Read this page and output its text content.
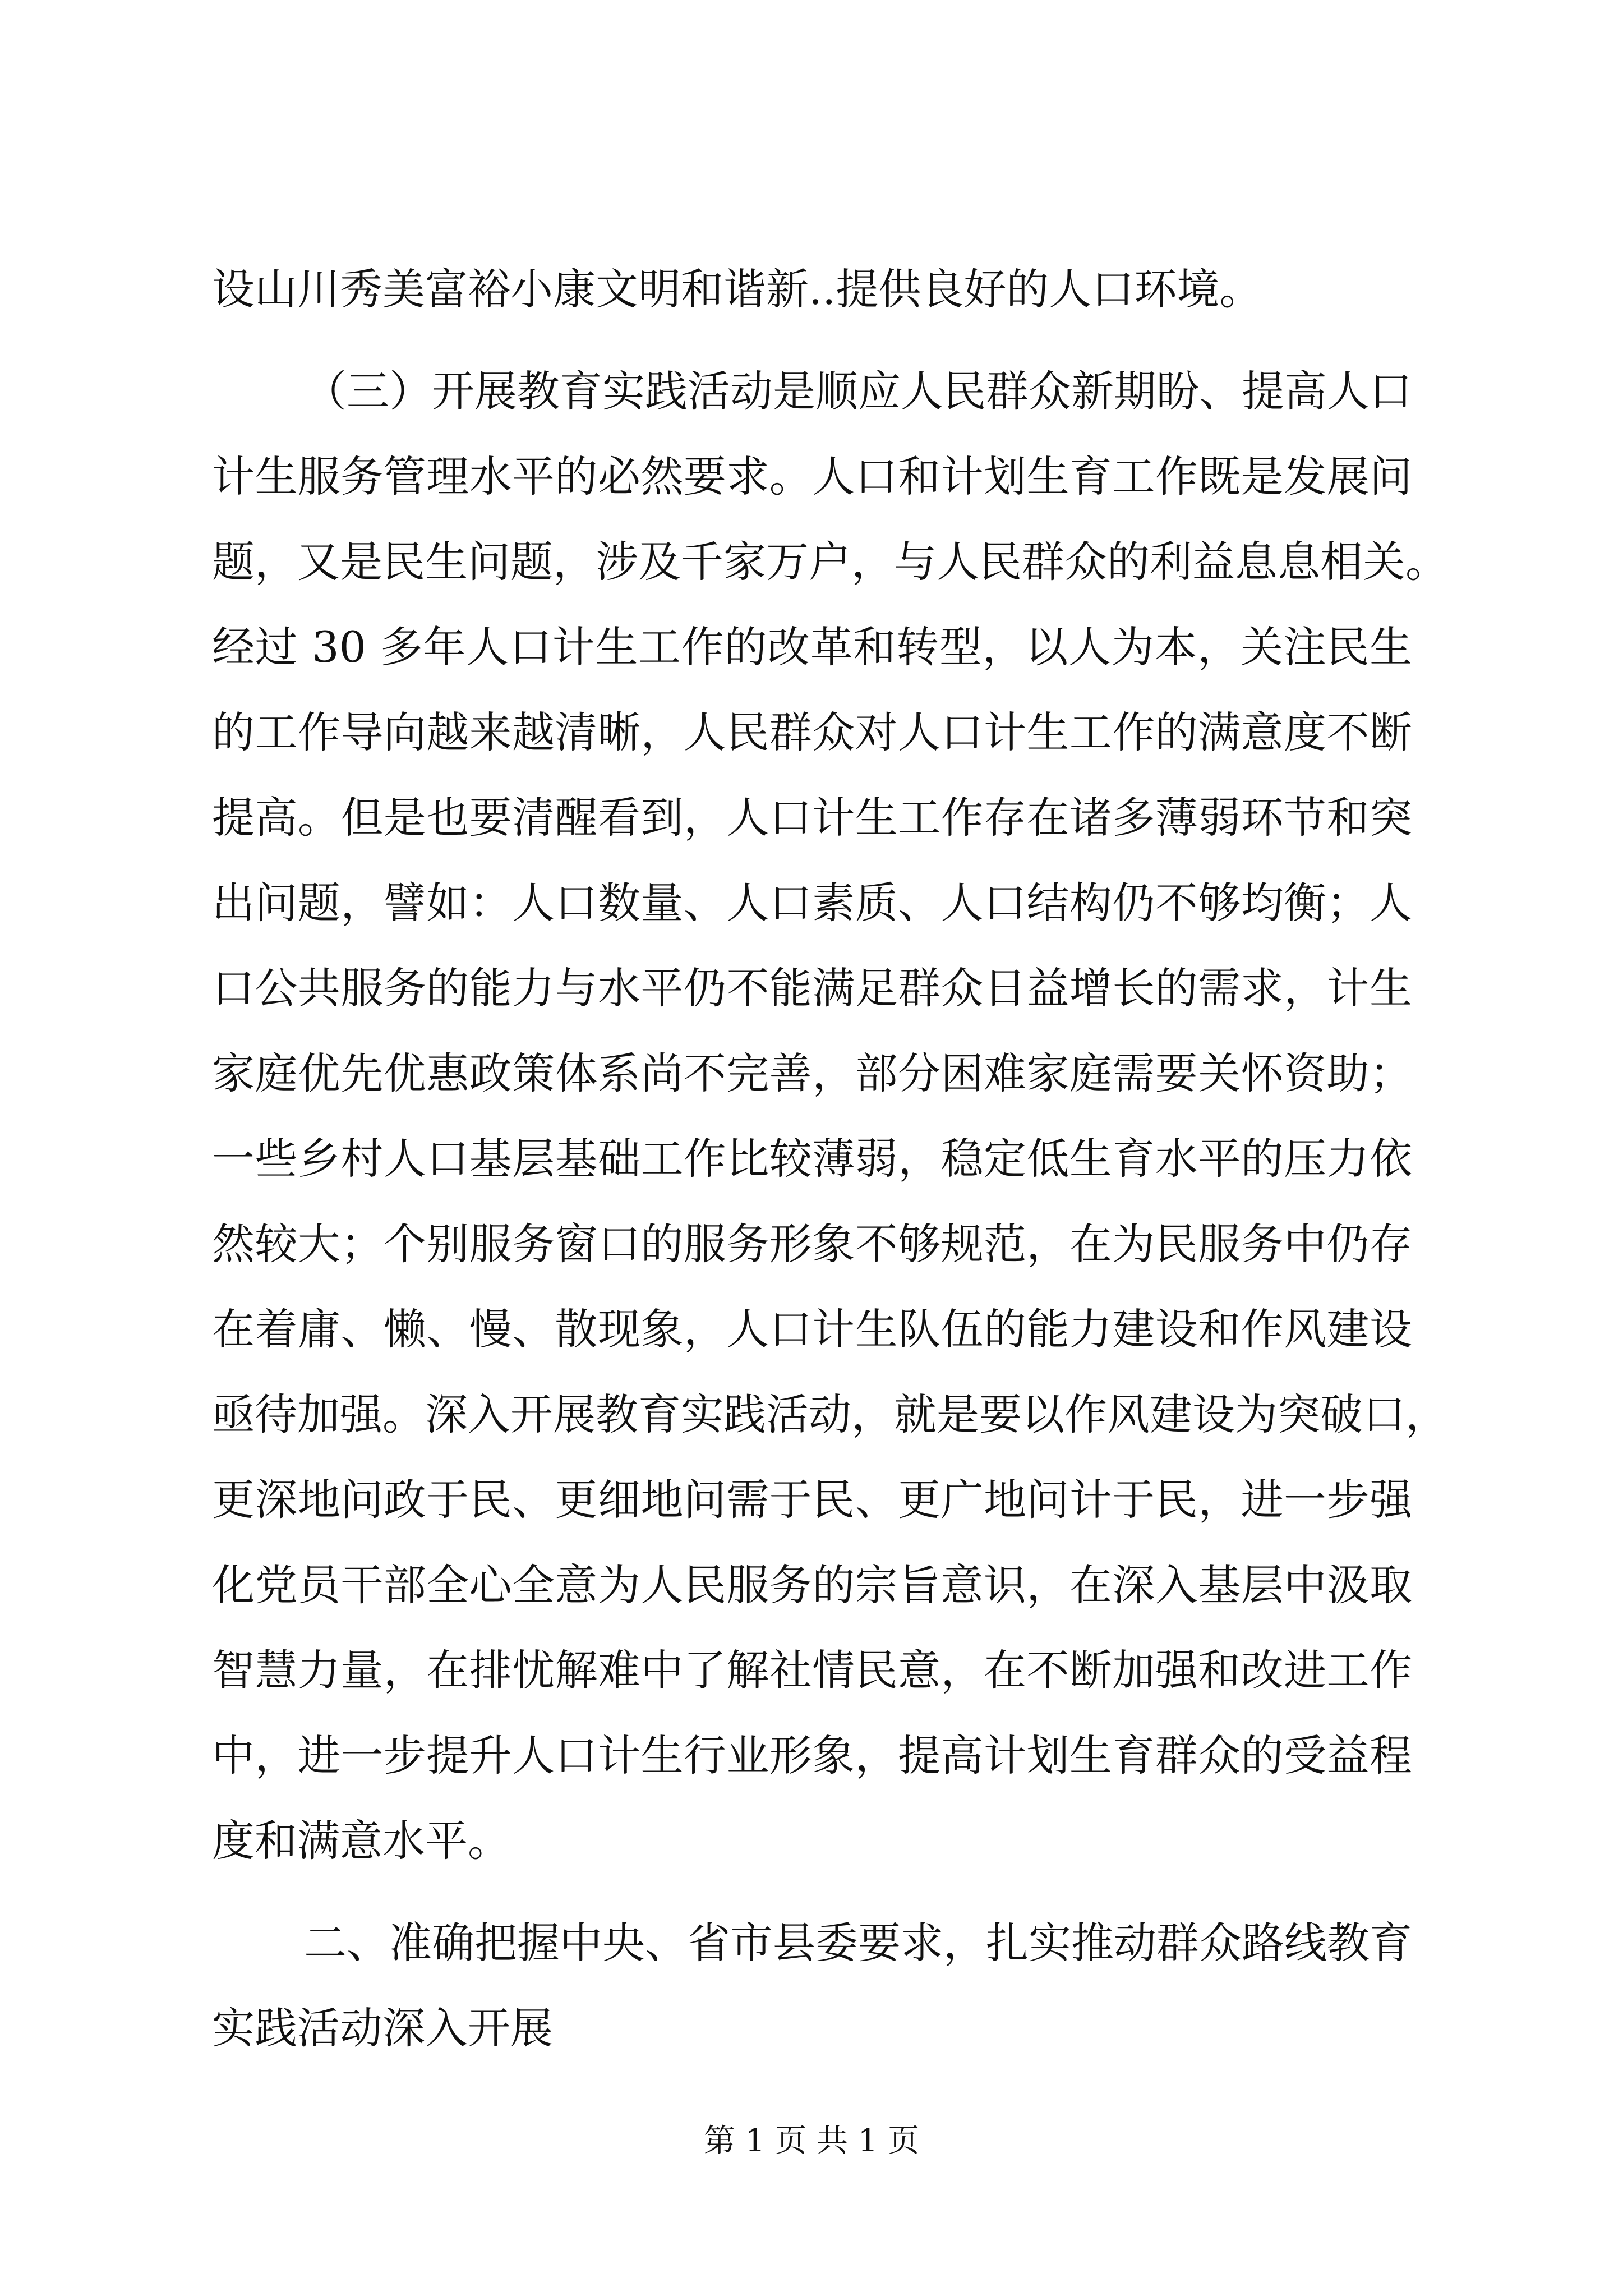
设山川秀美富裕小康文明和谐新..提供良好的人口环境。
（三）开展教育实践活动是顺应人民群众新期盼、提高人口
计生服务管理水平的必然要求。人口和计划生育工作既是发展问
题，又是民生问题，涉及千家万户，与人民群众的利益息息相关。
经过 30 多年人口计生工作的改革和转型，以人为本，关注民生
的工作导向越来越清晰，人民群众对人口计生工作的满意度不断
提高。但是也要清醒看到，人口计生工作存在诸多薄弱环节和突
出问题，譬如：人口数量、人口素质、人口结构仍不够均衡；人
口公共服务的能力与水平仍不能满足群众日益增长的需求，计生
家庭优先优惠政策体系尚不完善，部分困难家庭需要关怀资助；
一些乡村人口基层基础工作比较薄弱，稳定低生育水平的压力依
然较大；个别服务窗口的服务形象不够规范，在为民服务中仍存
在着庸、懒、慢、散现象，人口计生队伍的能力建设和作风建设
亟待加强。深入开展教育实践活动，就是要以作风建设为突破口，
更深地问政于民、更细地问需于民、更广地问计于民，进一步强
化党员干部全心全意为人民服务的宗旨意识，在深入基层中汲取
智慧力量，在排忧解难中了解社情民意，在不断加强和改进工作
中，进一步提升人口计生行业形象，提高计划生育群众的受益程
度和满意水平。
二、准确把握中央、省市县委要求，扎实推动群众路线教育
实践活动深入开展
第 1 页 共 1 页
